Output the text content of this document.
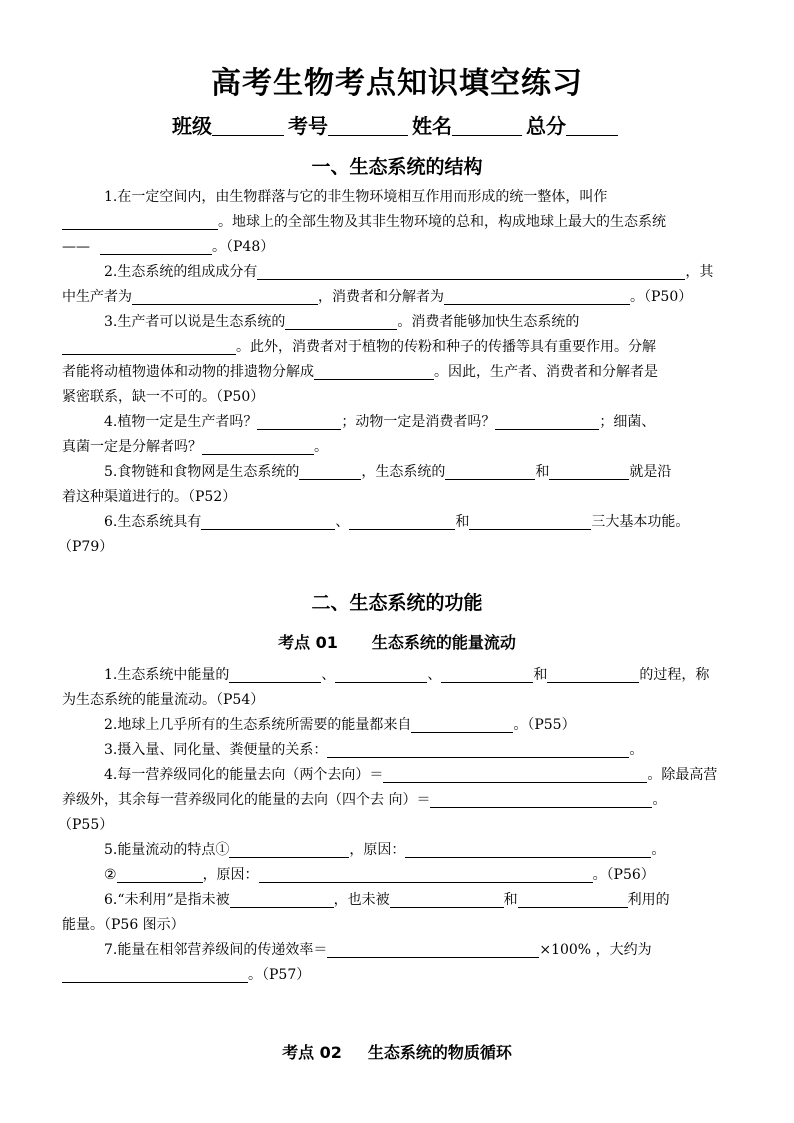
高考生物考点知识填空练习
班级	考号	姓名	总分
一、生态系统的结构
1.在一定空间内，由生物群落与它的非生物环境相互作用而形成的统一整体，叫作
。地球上的全部生物及其非生物环境的总和，构成地球上最大的生态系统
——	。（P48）
2.生态系统的组成成分有	，其
中生产者为	，消费者和分解者为	。（P50）
3.生产者可以说是生态系统的	。消费者能够加快生态系统的
。此外，消费者对于植物的传粉和种子的传播等具有重要作用。分解
者能将动植物遗体和动物的排遗物分解成	。因此，生产者、消费者和分解者是
紧密联系，缺一不可的。（P50）
4.植物一定是生产者吗？	；动物一定是消费者吗？	；细菌、
真菌一定是分解者吗？	。
5.食物链和食物网是生态系统的	，生态系统的	和	就是沿
着这种渠道进行的。（P52）
6.生态系统具有	、	和	三大基本功能。
（P79）
二、生态系统的功能
考点 01 生态系统的能量流动
1.生态系统中能量的	、	、	和	的过程，称
为生态系统的能量流动。（P54）
2.地球上几乎所有的生态系统所需要的能量都来自	。（P55）
3.摄入量、同化量、粪便量的关系：	。
4.每一营养级同化的能量去向（两个去向）＝	。除最高营
养级外，其余每一营养级同化的能量的去向（四个去 向）＝	。
（P55）
5.能量流动的特点①	，原因：	。
②	，原因：	。（P56）
6.“未利用”是指未被	，也未被	和	利用的
能量。（P56 图示）
7.能量在相邻营养级间的传递效率＝	×100% ，大约为
。（P57）
考点 02 生态系统的物质循环
